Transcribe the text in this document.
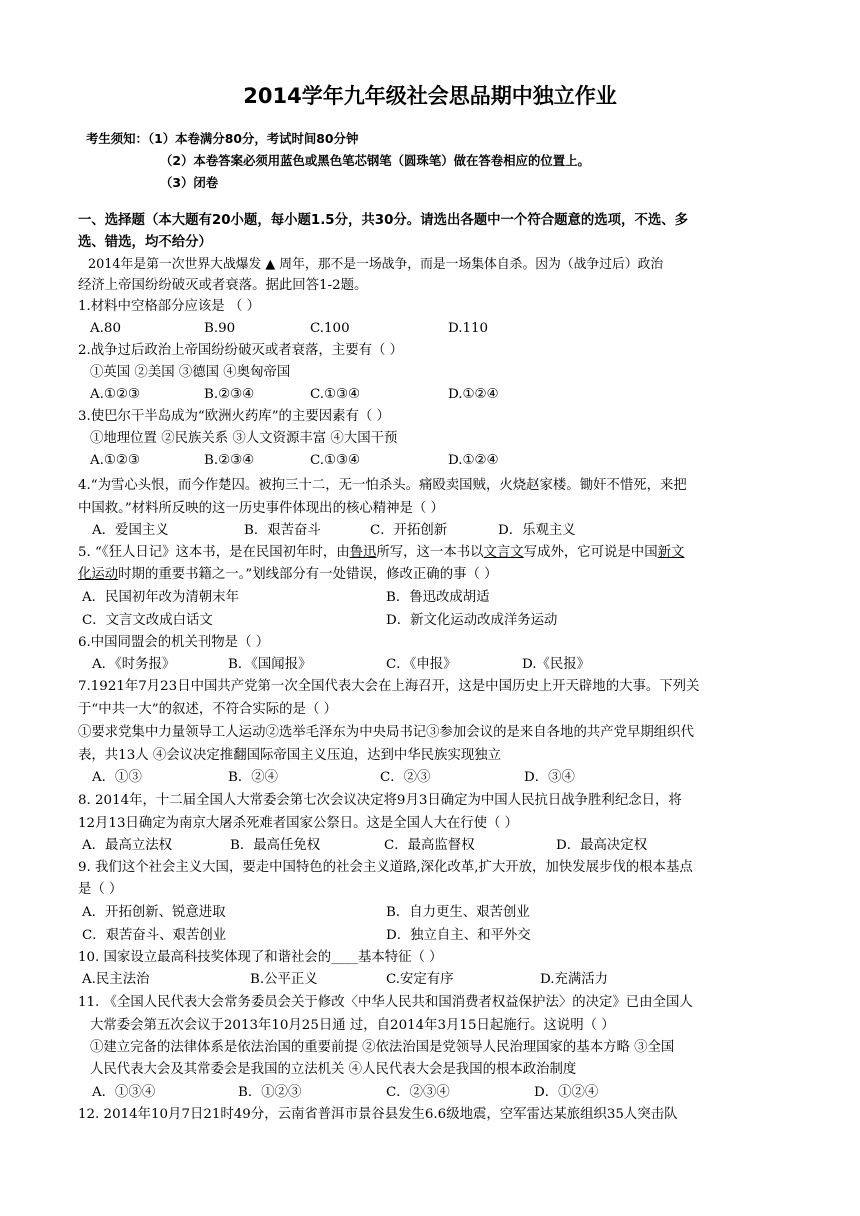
2014学年九年级社会思品期中独立作业
考生须知：（1）本卷满分80分，考试时间80分钟
（2）本卷答案必须用蓝色或黑色笔芯钢笔（圆珠笔）做在答卷相应的位置上。
（3）闭卷
一、选择题（本大题有20小题，每小题1.5分，共30分。请选出各题中一个符合题意的选项，不选、多
选、错选，均不给分）
2014年是第一次世界大战爆发 ▲ 周年，那不是一场战争，而是一场集体自杀。因为（战争过后）政治
经济上帝国纷纷破灭或者衰落。据此回答1-2题。
1.材料中空格部分应该是 （ ）
A.80	B.90	C.100	D.110
2.战争过后政治上帝国纷纷破灭或者衰落，主要有（ ）
①英国 ②美国 ③德国 ④奥匈帝国
A.①②③	B.②③④	C.①③④	D.①②④
3.使巴尔干半岛成为“欧洲火药库”的主要因素有（ ）
①地理位置 ②民族关系 ③人文资源丰富 ④大国干预
A.①②③	B.②③④	C.①③④	D.①②④
4.“为雪心头恨，而今作楚囚。被拘三十二，无一怕杀头。痛殴卖国贼，火烧赵家楼。锄奸不惜死，来把
中国救。”材料所反映的这一历史事件体现出的核心精神是（ ）
A．爱国主义	B．艰苦奋斗	C．开拓创新	D．乐观主义
5. “《狂人日记》这本书，是在民国初年时，由鲁迅所写，这一本书以文言文写成外，它可说是中国新文
化运动时期的重要书籍之一。”划线部分有一处错误，修改正确的事（ ）
A．民国初年改为清朝末年	B．鲁迅改成胡适
C．文言文改成白话文	D．新文化运动改成洋务运动
6.中国同盟会的机关刊物是（ ）
A．《时务报》	B．《国闻报》	C．《申报》	D.《民报》
7.1921年7月23日中国共产党第一次全国代表大会在上海召开，这是中国历史上开天辟地的大事。下列关
于“中共一大”的叙述，不符合实际的是（ ）
①要求党集中力量领导工人运动②选举毛泽东为中央局书记③参加会议的是来自各地的共产党早期组织代
表，共13人 ④会议决定推翻国际帝国主义压迫，达到中华民族实现独立
A．①③	B．②④	C．②③	D．③④
8. 2014年，十二届全国人大常委会第七次会议决定将9月3日确定为中国人民抗日战争胜利纪念日，将
12月13日确定为南京大屠杀死难者国家公祭日。这是全国人大在行使（ ）
A．最高立法权	B．最高任免权	C．最高监督权	D．最高决定权
9. 我们这个社会主义大国，要走中国特色的社会主义道路,深化改革,扩大开放，加快发展步伐的根本基点
是（ ）
A．开拓创新、锐意进取	B．自力更生、艰苦创业
C．艰苦奋斗、艰苦创业	D．独立自主、和平外交
10. 国家设立最高科技奖体现了和谐社会的____基本特征（ ）
A.民主法治	B.公平正义	C.安定有序	D.充满活力
11. 《全国人民代表大会常务委员会关于修改〈中华人民共和国消费者权益保护法〉的决定》已由全国人
大常委会第五次会议于2013年10月25日通 过，自2014年3月15日起施行。这说明（ ）
①建立完备的法律体系是依法治国的重要前提 ②依法治国是党领导人民治理国家的基本方略 ③全国
人民代表大会及其常委会是我国的立法机关 ④人民代表大会是我国的根本政治制度
A．①③④	B．①②③	C．②③④	D．①②④
12. 2014年10月7日21时49分，云南省普洱市景谷县发生6.6级地震，空军雷达某旅组织35人突击队
